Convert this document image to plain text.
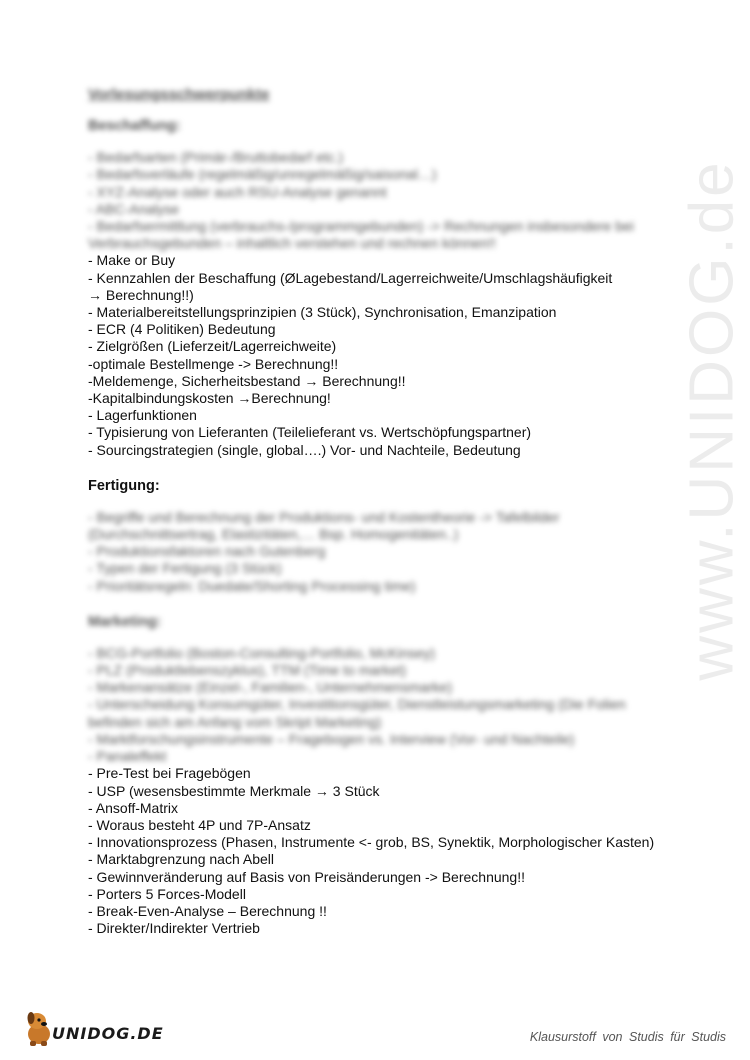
www.UNIDOG.de
Vorlesungsschwerpunkte
Beschaffung:
- Bedarfsarten (Primär-/Bruttobedarf etc.)
- Bedarfsverläufe (regelmäßig/unregelmäßig/saisonal…)
- XYZ-Analyse oder auch RSU-Analyse genannt
- ABC-Analyse
- Bedarfsermittlung (verbrauchs-/programmgebunden) -> Rechnungen insbesondere bei Verbrauchsgebunden – inhaltlich verstehen und rechnen können!!
- Make or Buy
- Kennzahlen der Beschaffung (ØLagebestand/Lagerreichweite/Umschlagshäufigkeit
→ Berechnung!!)
- Materialbereitstellungsprinzipien (3 Stück), Synchronisation, Emanzipation
- ECR (4 Politiken) Bedeutung
- Zielgrößen (Lieferzeit/Lagerreichweite)
-optimale Bestellmenge -> Berechnung!!
-Meldemenge, Sicherheitsbestand → Berechnung!!
-Kapitalbindungskosten →Berechnung!
- Lagerfunktionen
- Typisierung von Lieferanten (Teilelieferant vs. Wertschöpfungspartner)
- Sourcingstrategien (single, global….) Vor- und Nachteile, Bedeutung
Fertigung:
- Begriffe und Berechnung der Produktions- und Kostentheorie -> Tafelbilder (Durchschnittsertrag, Elastizitäten,… Bsp. Homogenitäten..)
- Produktionsfaktoren nach Gutenberg
- Typen der Fertigung (3 Stück)
- Prioritätsregeln: Duedate/Shorting Processing time)
Marketing:
- BCG-Portfolio (Boston-Consulting-Portfolio, McKinsey)
- PLZ (Produktlebenszyklus), TTM (Time to market)
- Markenansätze (Einzel-, Familien-, Unternehmensmarke)
- Unterscheidung Konsumgüter, Investitionsgüter, Dienstleistungsmarketing (Die Folien befinden sich am Anfang vom Skript Marketing)
- Marktforschungsinstrumente – Fragebogen vs. Interview (Vor- und Nachteile)
- Panaleffekt
- Pre-Test bei Fragebögen
- USP (wesensbestimmte Merkmale → 3 Stück
- Ansoff-Matrix
- Woraus besteht 4P und 7P-Ansatz
- Innovationsprozess (Phasen, Instrumente <- grob, BS, Synektik, Morphologischer Kasten)
- Marktabgrenzung nach Abell
- Gewinnveränderung auf Basis von Preisänderungen -> Berechnung!!
- Porters 5 Forces-Modell
- Break-Even-Analyse – Berechnung !!
- Direkter/Indirekter Vertrieb
UNIDOG.DE	Klausurstoff von Studis für Studis
